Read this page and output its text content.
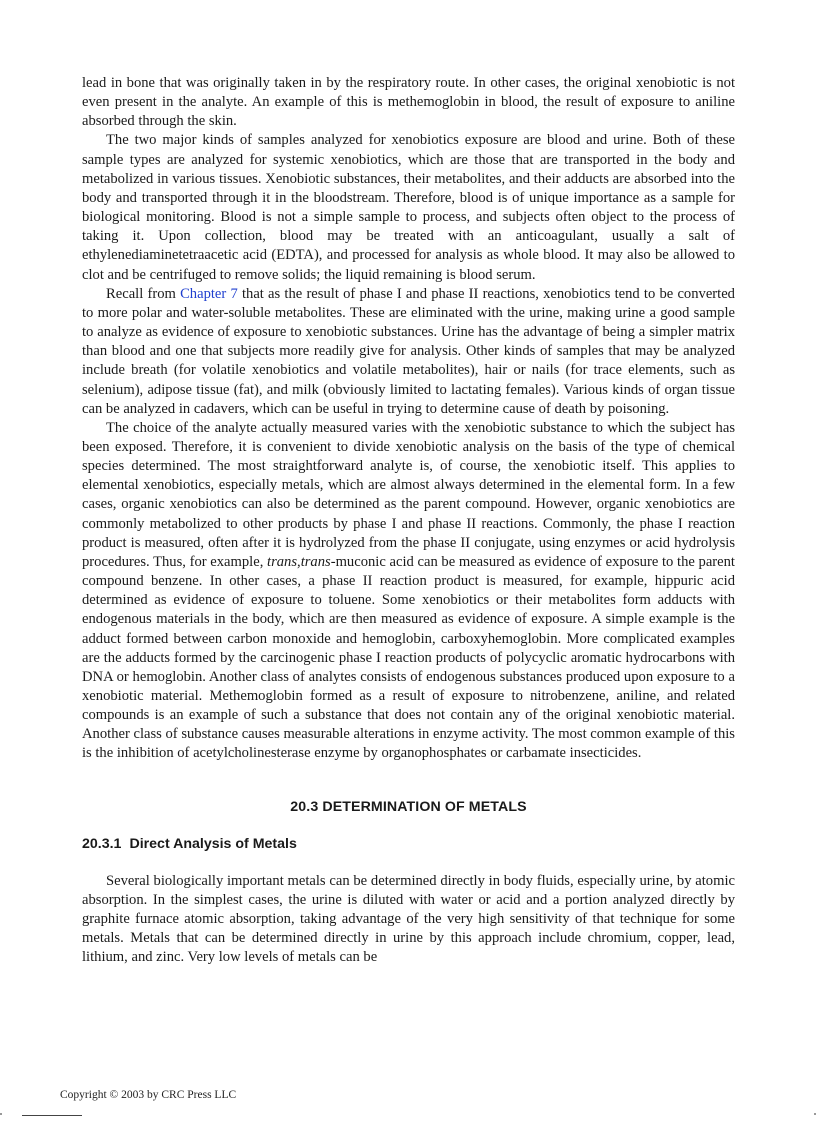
lead in bone that was originally taken in by the respiratory route. In other cases, the original xenobiotic is not even present in the analyte. An example of this is methemoglobin in blood, the result of exposure to aniline absorbed through the skin.

The two major kinds of samples analyzed for xenobiotics exposure are blood and urine. Both of these sample types are analyzed for systemic xenobiotics, which are those that are transported in the body and metabolized in various tissues. Xenobiotic substances, their metabolites, and their adducts are absorbed into the body and transported through it in the bloodstream. Therefore, blood is of unique importance as a sample for biological monitoring. Blood is not a simple sample to process, and subjects often object to the process of taking it. Upon collection, blood may be treated with an anticoagulant, usually a salt of ethylenediaminetetraacetic acid (EDTA), and processed for analysis as whole blood. It may also be allowed to clot and be centrifuged to remove solids; the liquid remaining is blood serum.

Recall from Chapter 7 that as the result of phase I and phase II reactions, xenobiotics tend to be converted to more polar and water-soluble metabolites. These are eliminated with the urine, making urine a good sample to analyze as evidence of exposure to xenobiotic substances. Urine has the advantage of being a simpler matrix than blood and one that subjects more readily give for analysis. Other kinds of samples that may be analyzed include breath (for volatile xenobiotics and volatile metabolites), hair or nails (for trace elements, such as selenium), adipose tissue (fat), and milk (obviously limited to lactating females). Various kinds of organ tissue can be analyzed in cadavers, which can be useful in trying to determine cause of death by poisoning.

The choice of the analyte actually measured varies with the xenobiotic substance to which the subject has been exposed. Therefore, it is convenient to divide xenobiotic analysis on the basis of the type of chemical species determined. The most straightforward analyte is, of course, the xenobiotic itself. This applies to elemental xenobiotics, especially metals, which are almost always determined in the elemental form. In a few cases, organic xenobiotics can also be determined as the parent compound. However, organic xenobiotics are commonly metabolized to other products by phase I and phase II reactions. Commonly, the phase I reaction product is measured, often after it is hydrolyzed from the phase II conjugate, using enzymes or acid hydrolysis procedures. Thus, for example, trans,trans-muconic acid can be measured as evidence of exposure to the parent compound benzene. In other cases, a phase II reaction product is measured, for example, hippuric acid determined as evidence of exposure to toluene. Some xenobiotics or their metabolites form adducts with endogenous materials in the body, which are then measured as evidence of exposure. A simple example is the adduct formed between carbon monoxide and hemoglobin, carboxyhemoglobin. More complicated examples are the adducts formed by the carcinogenic phase I reaction products of polycyclic aromatic hydrocarbons with DNA or hemoglobin. Another class of analytes consists of endogenous substances produced upon exposure to a xenobiotic material. Methemoglobin formed as a result of exposure to nitrobenzene, aniline, and related compounds is an example of such a substance that does not contain any of the original xenobiotic material. Another class of substance causes measurable alterations in enzyme activity. The most common example of this is the inhibition of acetylcholinesterase enzyme by organophosphates or carbamate insecticides.

20.3 DETERMINATION OF METALS
20.3.1 Direct Analysis of Metals

Several biologically important metals can be determined directly in body fluids, especially urine, by atomic absorption. In the simplest cases, the urine is diluted with water or acid and a portion analyzed directly by graphite furnace atomic absorption, taking advantage of the very high sensitivity of that technique for some metals. Metals that can be determined directly in urine by this approach include chromium, copper, lead, lithium, and zinc. Very low levels of metals can be

Copyright © 2003 by CRC Press LLC
